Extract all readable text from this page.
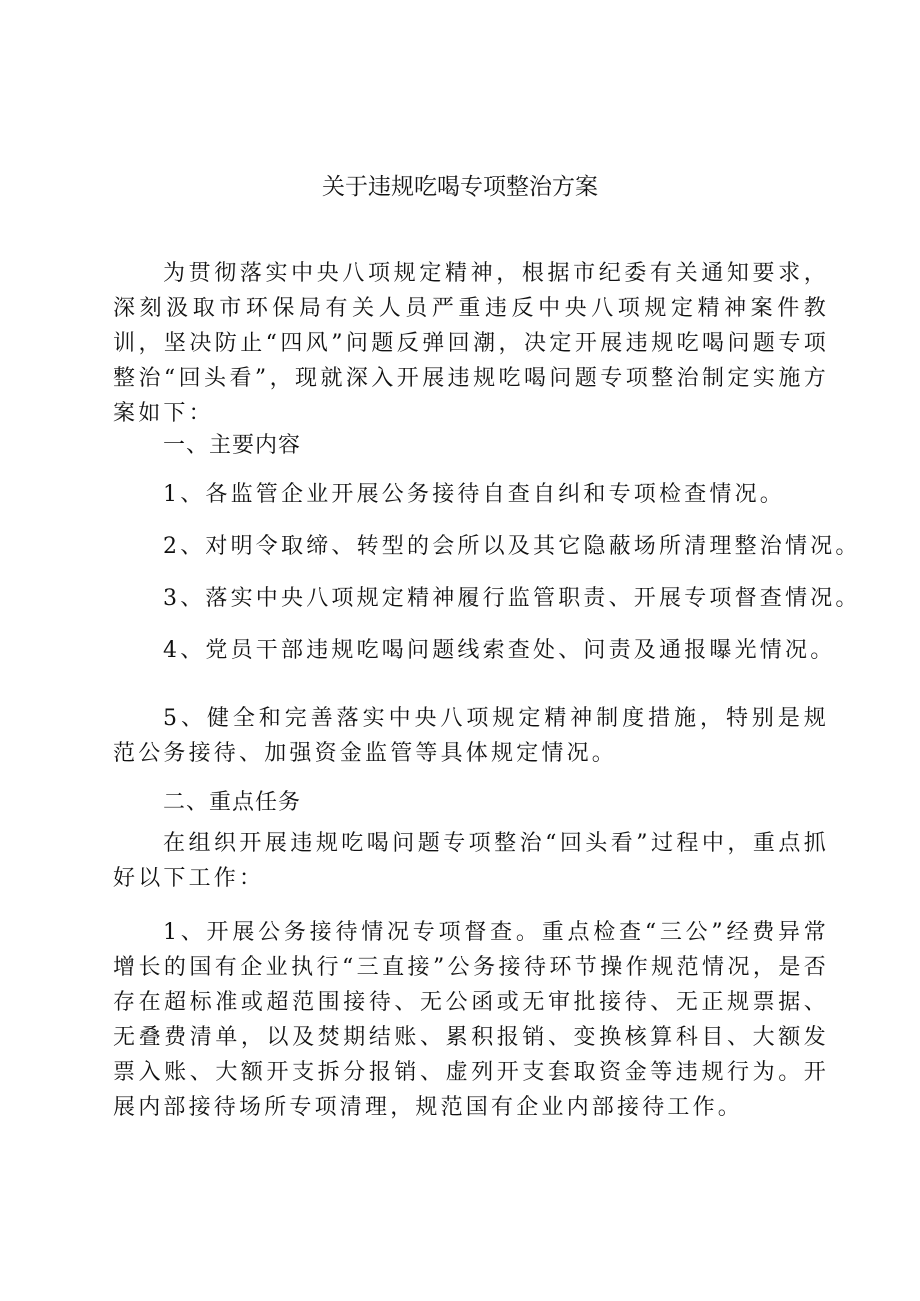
关于违规吃喝专项整治方案
为贯彻落实中央八项规定精神，根据市纪委有关通知要求，深刻汲取市环保局有关人员严重违反中央八项规定精神案件教训，坚决防止“四风”问题反弹回潮，决定开展违规吃喝问题专项整治“回头看”，现就深入开展违规吃喝问题专项整治制定实施方案如下：
一、主要内容
1、各监管企业开展公务接待自查自纠和专项检查情况。
2、对明令取缔、转型的会所以及其它隐蔽场所清理整治情况。
3、落实中央八项规定精神履行监管职责、开展专项督查情况。
4、党员干部违规吃喝问题线索查处、问责及通报曝光情况。
5、健全和完善落实中央八项规定精神制度措施，特别是规范公务接待、加强资金监管等具体规定情况。
二、重点任务
在组织开展违规吃喝问题专项整治“回头看”过程中，重点抓好以下工作：
1、开展公务接待情况专项督查。重点检查“三公”经费异常增长的国有企业执行“三直接”公务接待环节操作规范情况，是否存在超标准或超范围接待、无公函或无审批接待、无正规票据、无叠费清单，以及焚期结账、累积报销、变换核算科目、大额发票入账、大额开支拆分报销、虚列开支套取资金等违规行为。开展内部接待场所专项清理，规范国有企业内部接待工作。
